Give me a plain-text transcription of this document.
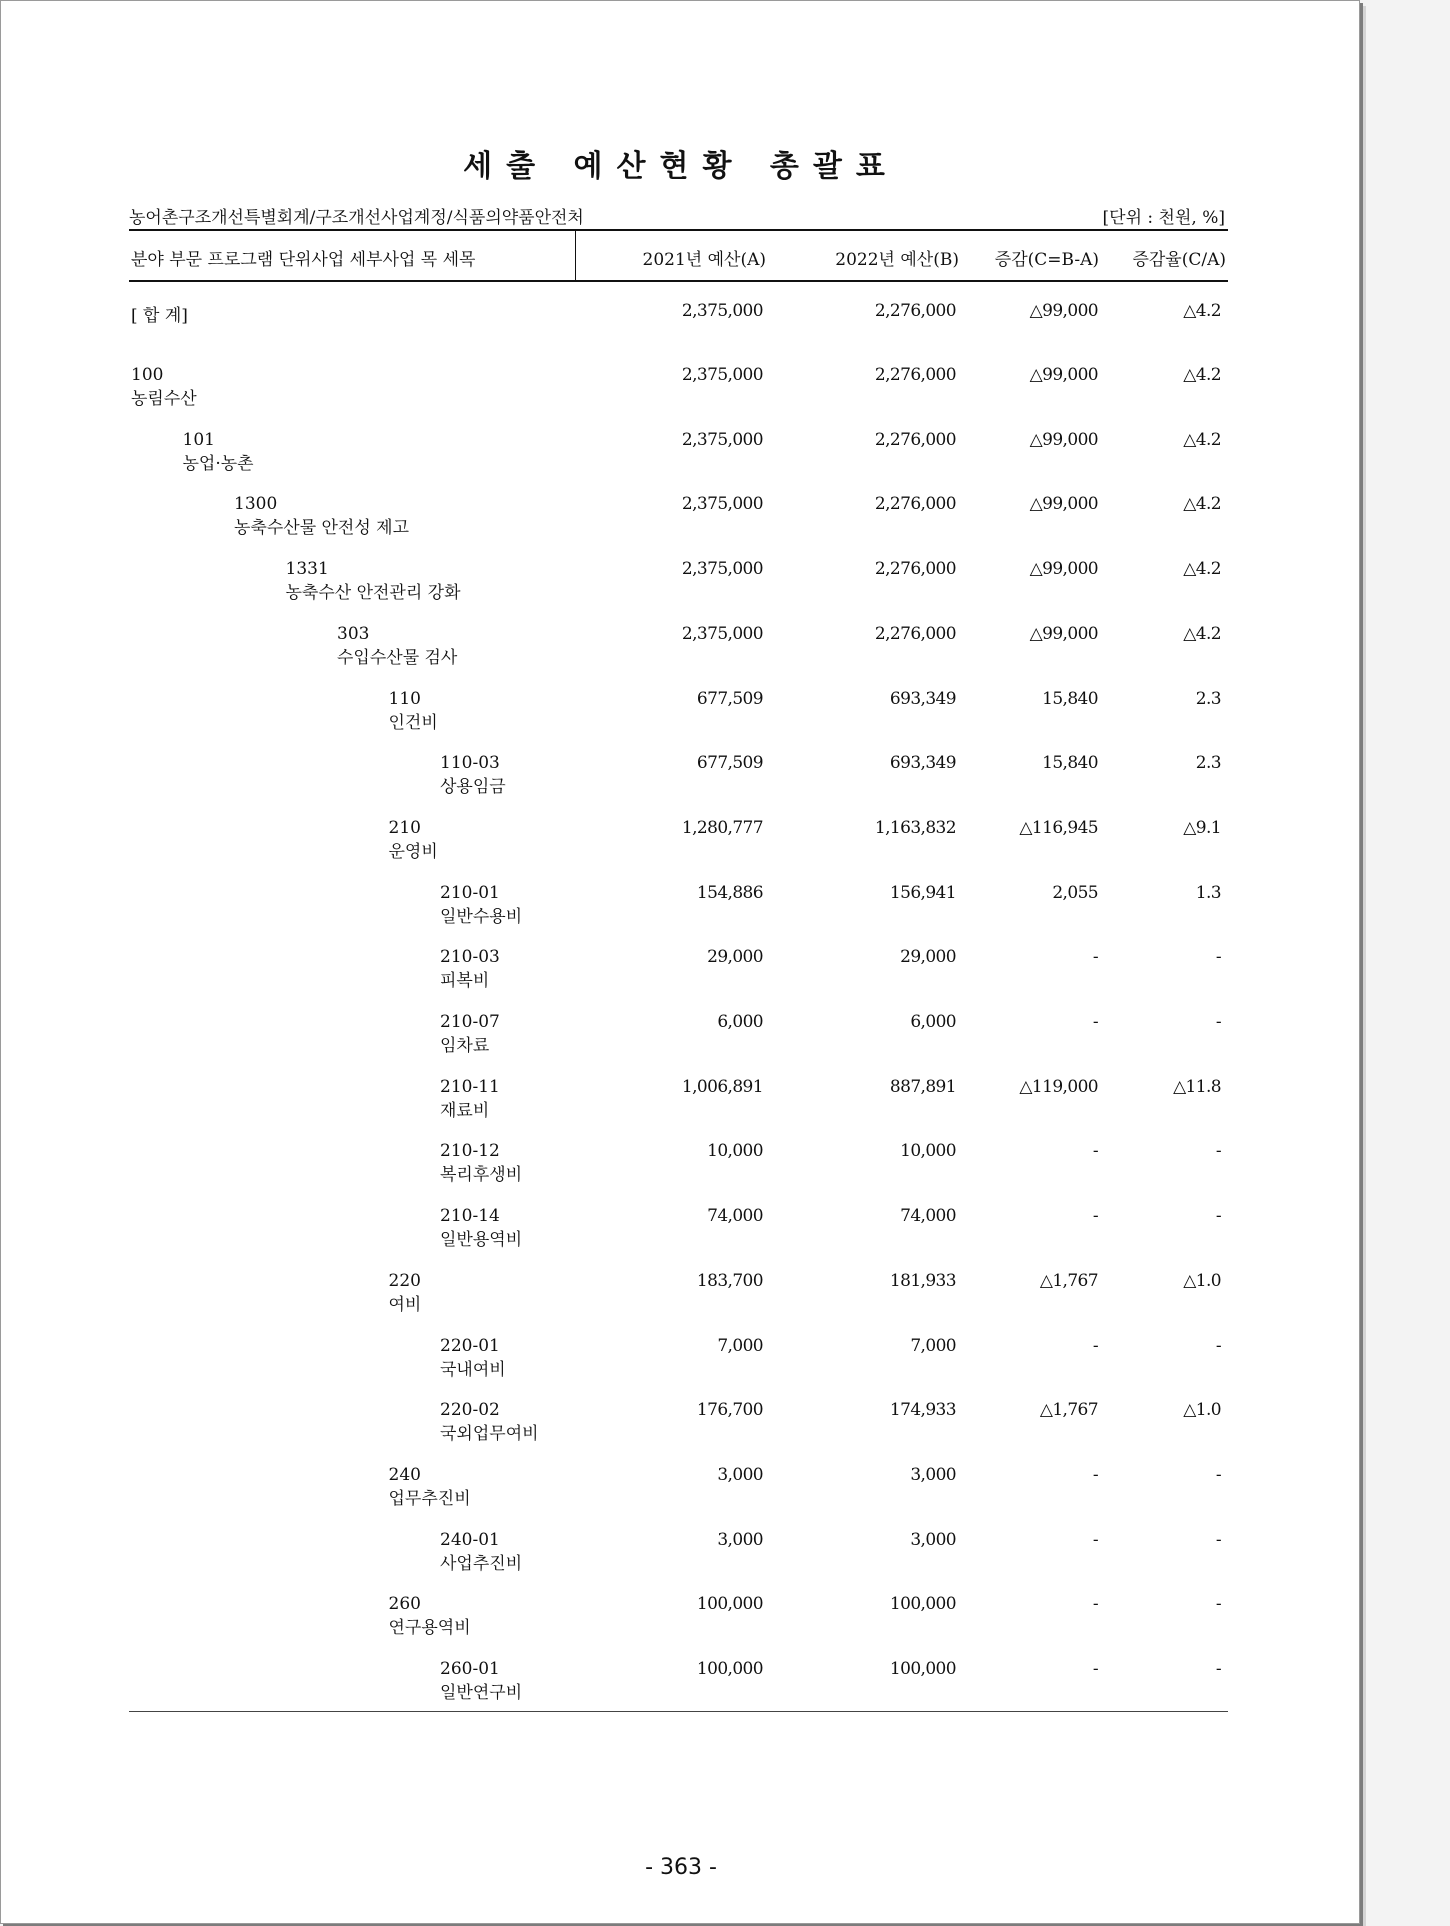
세출 예산현황 총괄표
농어촌구조개선특별회계/구조개선사업계정/식품의약품안전처	[단위 : 천원, %]
분야 부문 프로그램 단위사업 세부사업 목 세목	2021년 예산(A)	2022년 예산(B) 증감(C=B-A) 증감율(C/A)
[ 합 계]	2,375,000	2,276,000	△99,000	△4.2
100
농림수산
2,375,000	2,276,000	△99,000	△4.2
101
농업·농촌
2,375,000	2,276,000	△99,000	△4.2
1300
농축수산물 안전성 제고
2,375,000	2,276,000	△99,000	△4.2
1331
농축수산 안전관리 강화
2,375,000	2,276,000	△99,000	△4.2
303
수입수산물 검사
2,375,000	2,276,000	△99,000	△4.2
110
인건비
677,509	693,349	15,840	2.3
110-03
상용임금
677,509	693,349	15,840	2.3
210
운영비
1,280,777	1,163,832	△116,945	△9.1
210-01
일반수용비
154,886	156,941	2,055	1.3
210-03
피복비
29,000	29,000	-	-
210-07
임차료
6,000	6,000	-	-
210-11
재료비
1,006,891	887,891	△119,000	△11.8
210-12
복리후생비
10,000	10,000	-	-
210-14
일반용역비
74,000	74,000	-	-
220
여비
183,700	181,933	△1,767	△1.0
220-01
국내여비
7,000	7,000	-	-
220-02
국외업무여비
176,700	174,933	△1,767	△1.0
240
업무추진비
3,000	3,000	-	-
240-01
사업추진비
3,000	3,000	-	-
260
연구용역비
100,000	100,000	-	-
260-01
일반연구비
100,000	100,000	-	-
- 363 -
